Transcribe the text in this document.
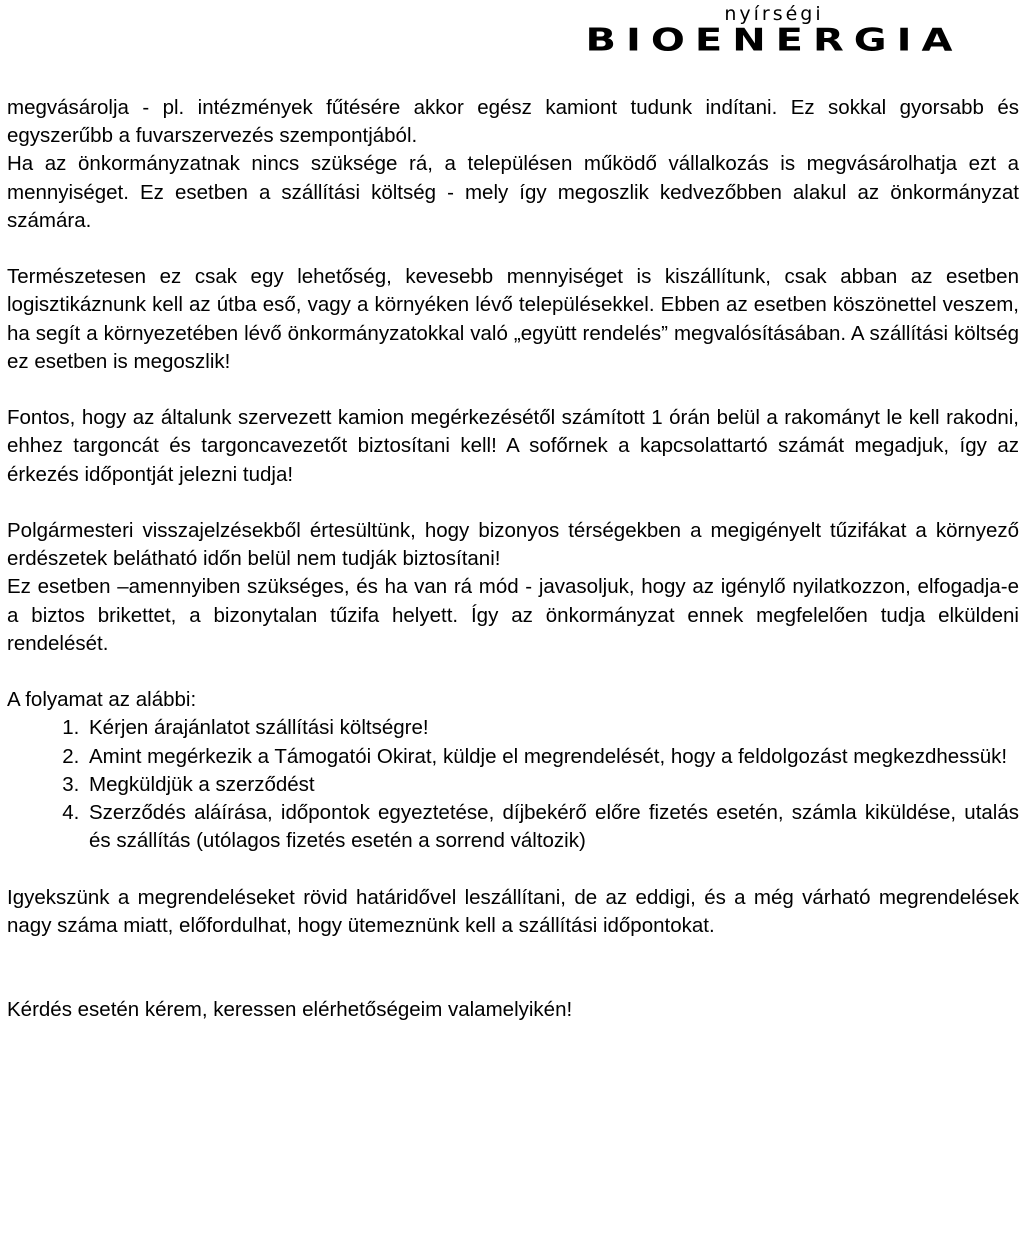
nyírségi
BIOENERGIA

megvásárolja - pl. intézmények fűtésére akkor egész kamiont tudunk indítani. Ez sokkal gyorsabb és egyszerűbb a fuvarszervezés szempontjából.

Ha az önkormányzatnak nincs szüksége rá, a településen működő vállalkozás is megvásárolhatja ezt a mennyiséget. Ez esetben a szállítási költség - mely így megoszlik kedvezőbben alakul az önkormányzat számára.

Természetesen ez csak egy lehetőség, kevesebb mennyiséget is kiszállítunk, csak abban az esetben logisztikáznunk kell az útba eső, vagy a környéken lévő településekkel. Ebben az esetben köszönettel veszem, ha segít a környezetében lévő önkormányzatokkal való „együtt rendelés” megvalósításában. A szállítási költség ez esetben is megoszlik!

Fontos, hogy az általunk szervezett kamion megérkezésétől számított 1 órán belül a rakományt le kell rakodni, ehhez targoncát és targoncavezetőt biztosítani kell! A sofőrnek a kapcsolattartó számát megadjuk, így az érkezés időpontját jelezni tudja!

Polgármesteri visszajelzésekből értesültünk, hogy bizonyos térségekben a megigényelt tűzifákat a környező erdészetek belátható időn belül nem tudják biztosítani!

Ez esetben –amennyiben szükséges, és ha van rá mód - javasoljuk, hogy az igénylő nyilatkozzon, elfogadja-e a biztos brikettet, a bizonytalan tűzifa helyett. Így az önkormányzat ennek megfelelően tudja elküldeni rendelését.

A folyamat az alábbi:
1. Kérjen árajánlatot szállítási költségre!
2. Amint megérkezik a Támogatói Okirat, küldje el megrendelését, hogy a feldolgozást megkezdhessük!
3. Megküldjük a szerződést
4. Szerződés aláírása, időpontok egyeztetése, díjbekérő előre fizetés esetén, számla kiküldése, utalás és szállítás (utólagos fizetés esetén a sorrend változik)

Igyekszünk a megrendeléseket rövid határidővel leszállítani, de az eddigi, és a még várható megrendelések nagy száma miatt, előfordulhat, hogy ütemeznünk kell a szállítási időpontokat.

Kérdés esetén kérem, keressen elérhetőségeim valamelyikén!
